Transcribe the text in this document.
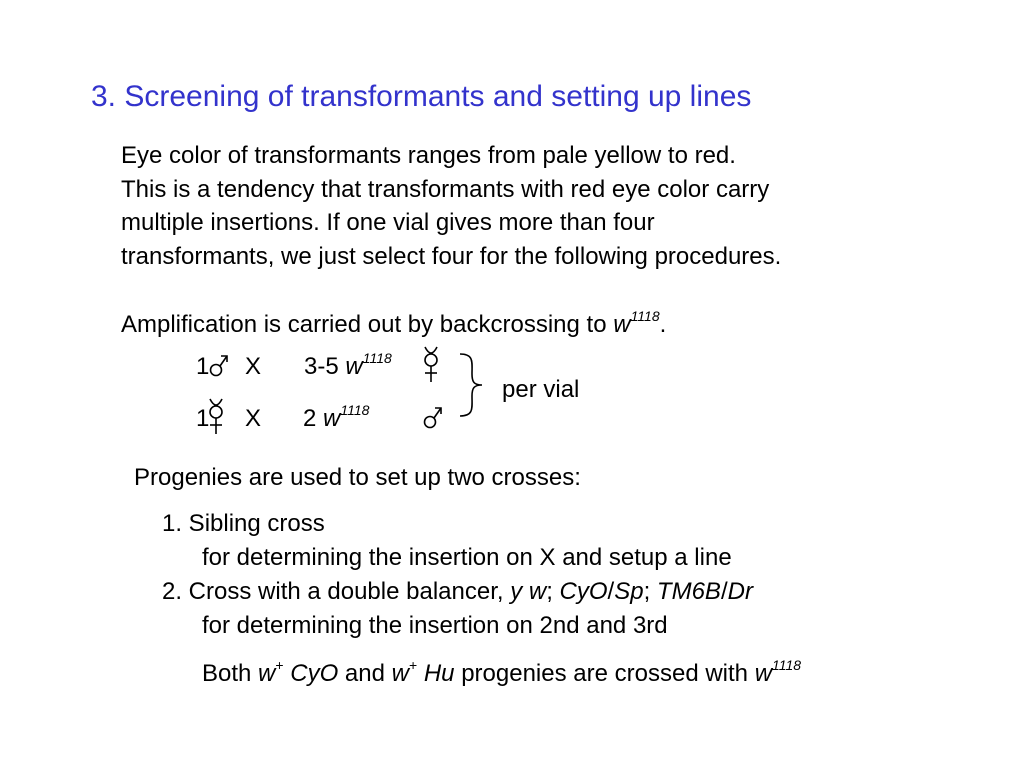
3. Screening of transformants and setting up lines
Eye color of transformants ranges from pale yellow to red.
This is a tendency that transformants with red eye color carry
multiple insertions. If one vial gives more than four
transformants, we just select four for the following procedures.
Amplification is carried out by backcrossing to $w^{1118}$.
1 X 3-5 $w^{1118}$
1 X 2 $w^{1118}$
per vial
Progenies are used to set up two crosses:
1. Sibling cross
for determining the insertion on X and setup a line
2. Cross with a double balancer, y w; CyO/Sp; TM6B/Dr
for determining the insertion on 2nd and 3rd
Both w+ CyO and w+ Hu progenies are crossed with $w^{1118}$
